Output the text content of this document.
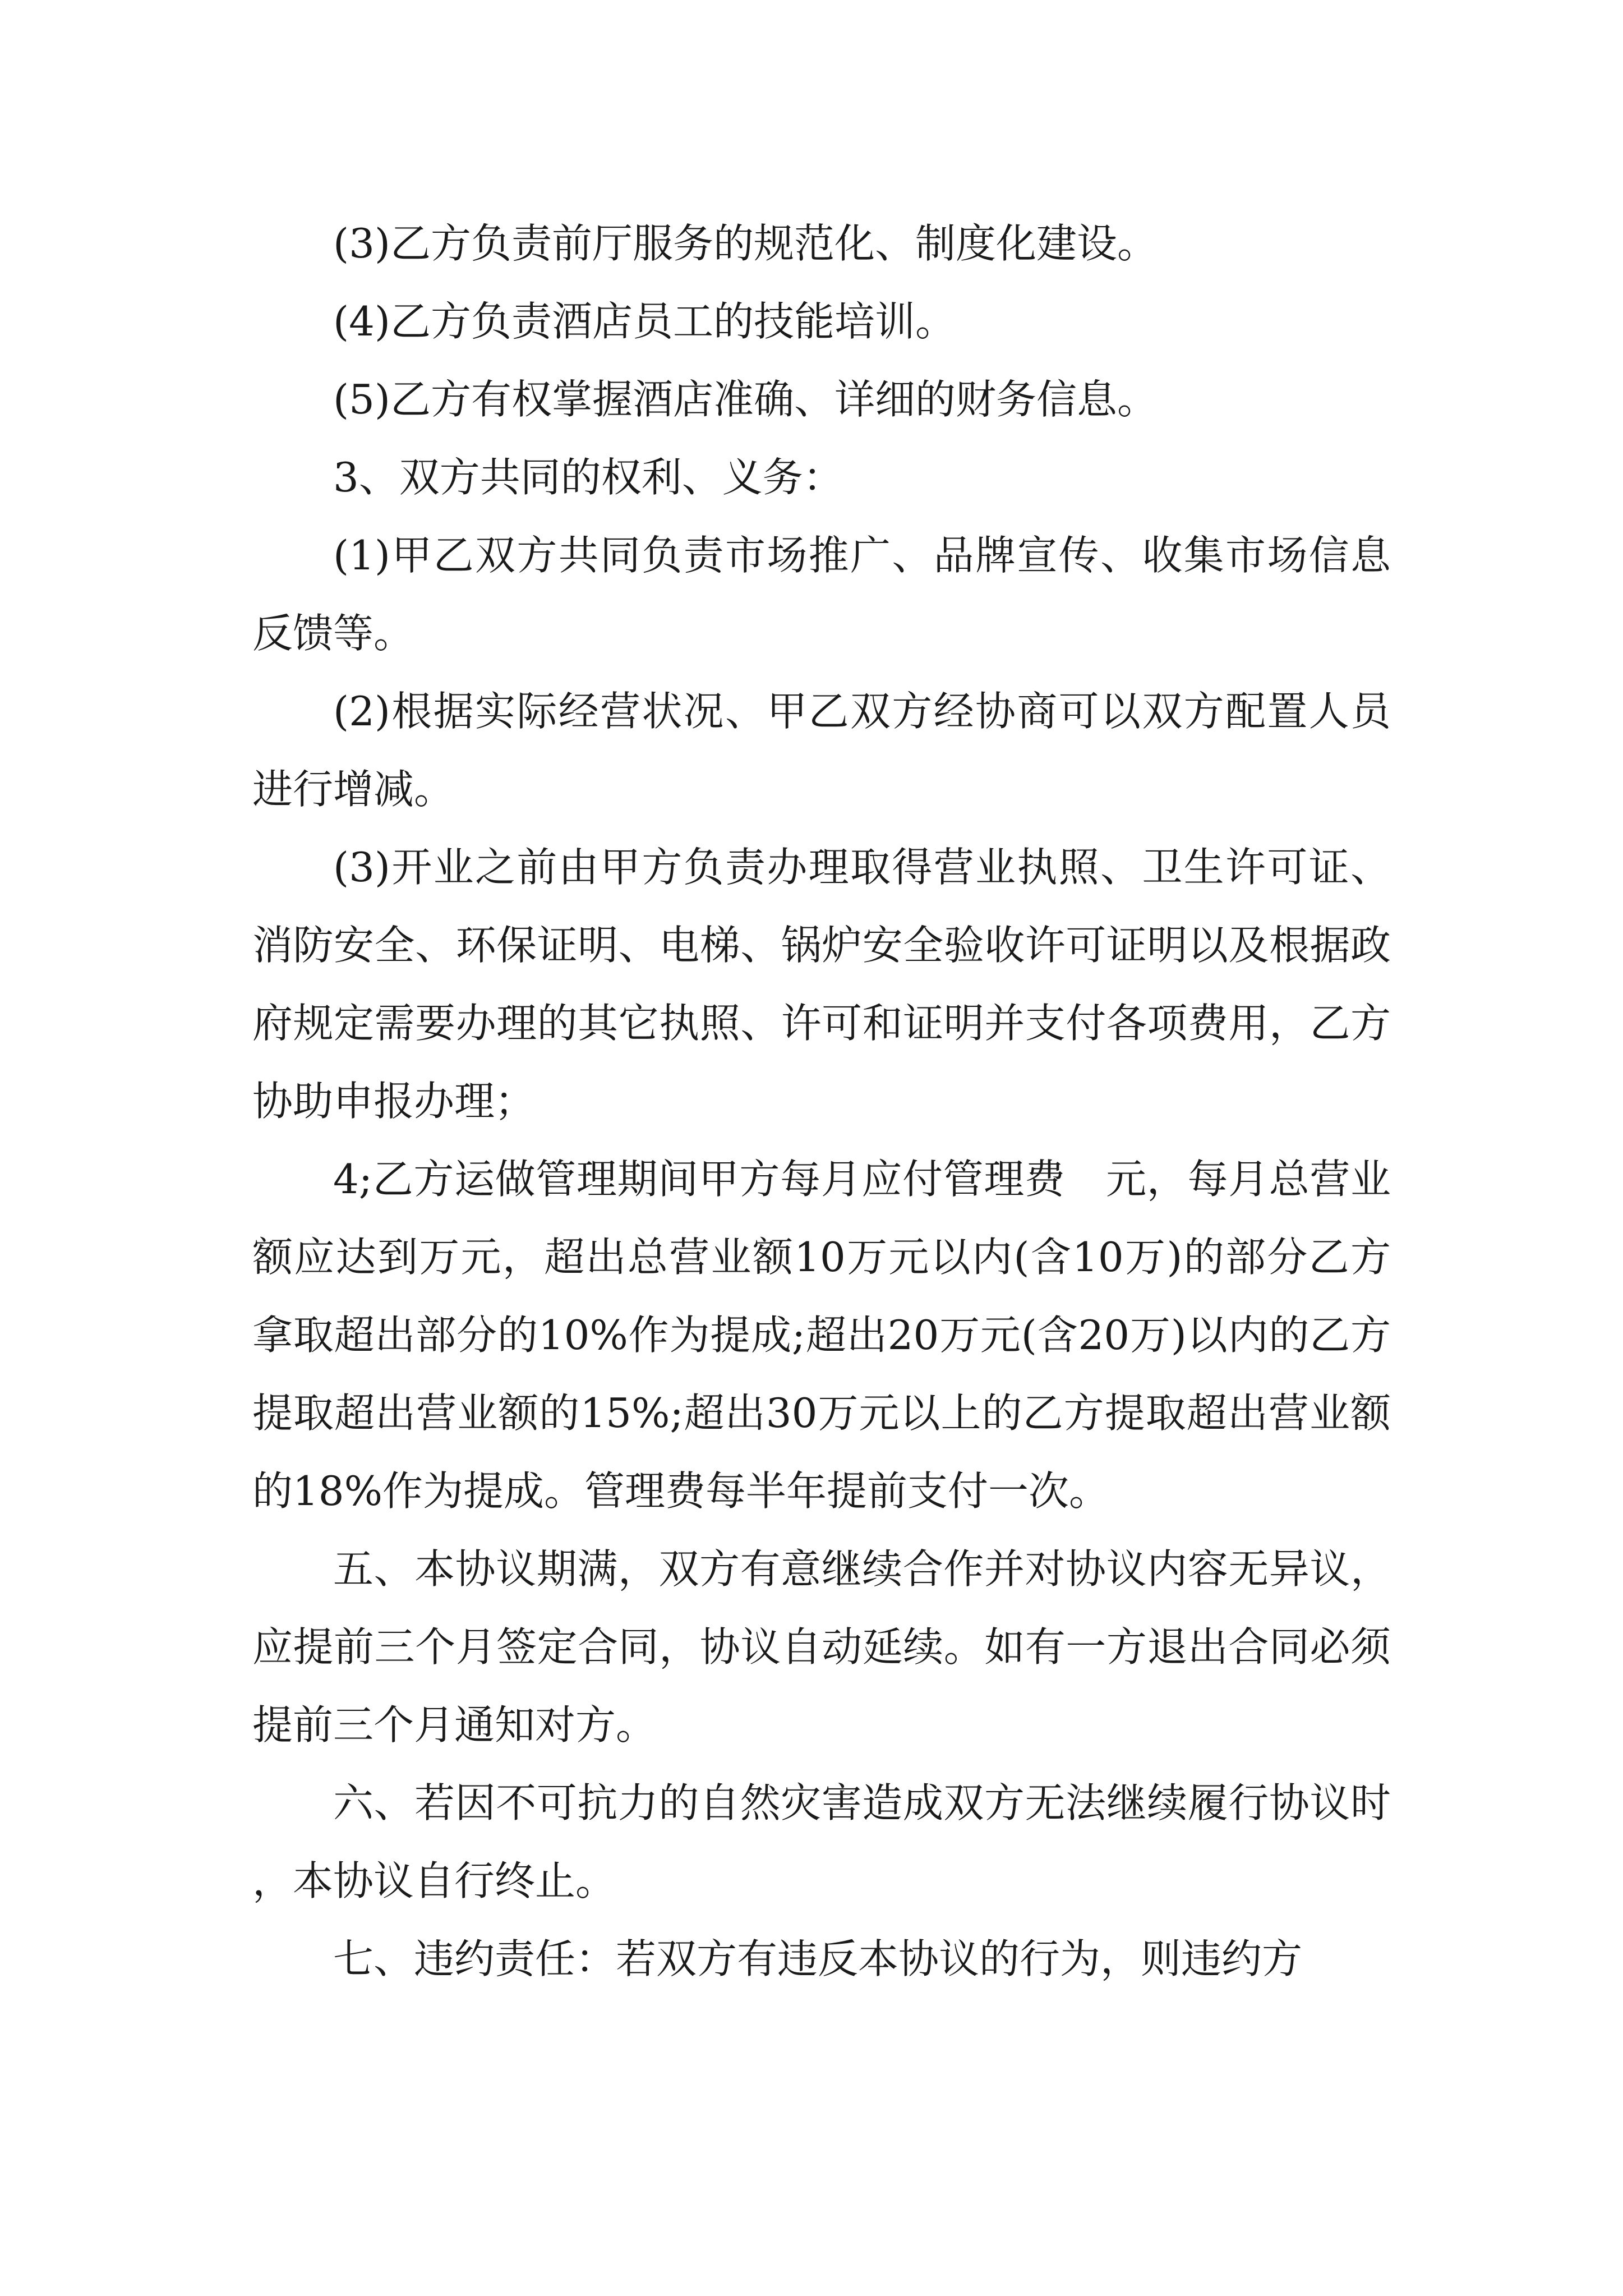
(3)乙方负责前厅服务的规范化、制度化建设。

(4)乙方负责酒店员工的技能培训。

(5)乙方有权掌握酒店准确、详细的财务信息。

3、双方共同的权利、义务：

(1)甲乙双方共同负责市场推广、品牌宣传、收集市场信息反馈等。

(2)根据实际经营状况、甲乙双方经协商可以双方配置人员进行增减。

(3)开业之前由甲方负责办理取得营业执照、卫生许可证、消防安全、环保证明、电梯、锅炉安全验收许可证明以及根据政府规定需要办理的其它执照、许可和证明并支付各项费用，乙方协助申报办理；

4;乙方运做管理期间甲方每月应付管理费　元，每月总营业额应达到万元，超出总营业额10万元以内(含10万)的部分乙方拿取超出部分的10%作为提成;超出20万元(含20万)以内的乙方提取超出营业额的15%;超出30万元以上的乙方提取超出营业额的18%作为提成。管理费每半年提前支付一次。

五、本协议期满，双方有意继续合作并对协议内容无异议，应提前三个月签定合同，协议自动延续。如有一方退出合同必须提前三个月通知对方。

六、若因不可抗力的自然灾害造成双方无法继续履行协议时，本协议自行终止。

七、违约责任：若双方有违反本协议的行为，则违约方
